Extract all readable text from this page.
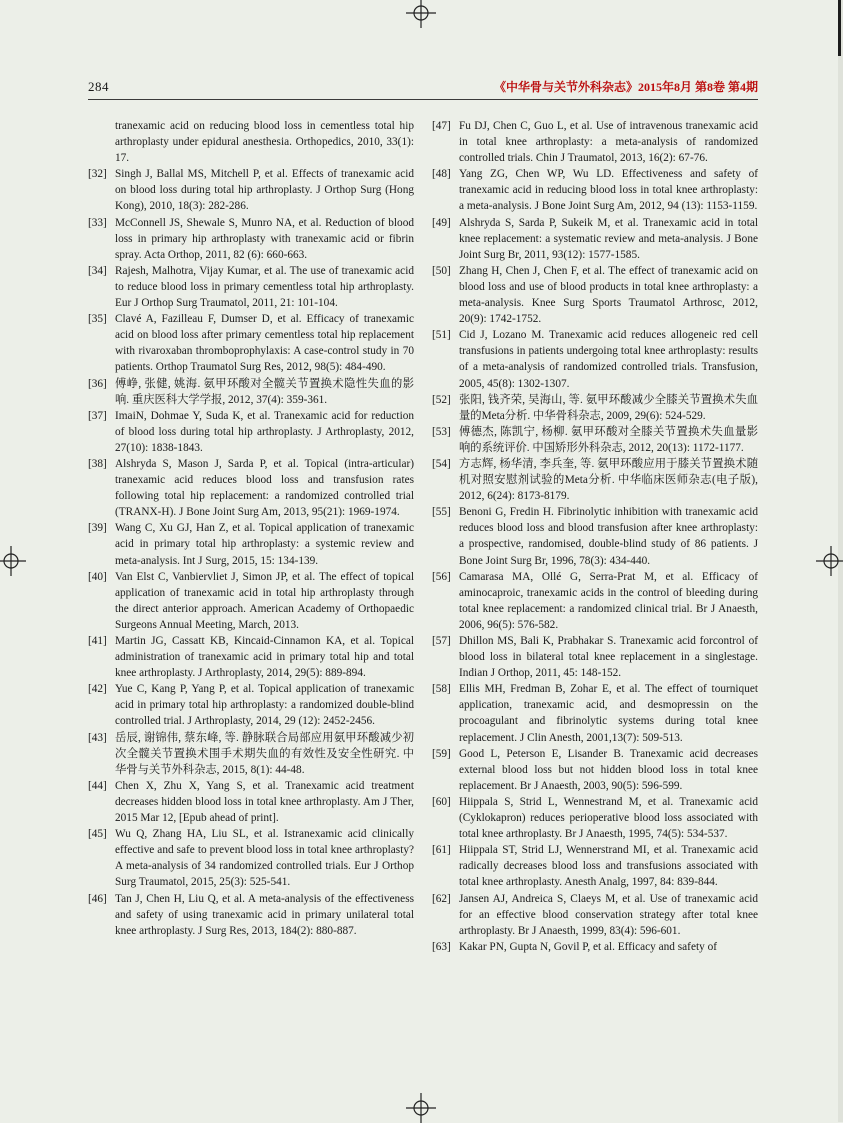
284	《中华骨与关节外科杂志》2015年8月 第8卷 第4期
tranexamic acid on reducing blood loss in cementless total hip arthroplasty under epidural anesthesia. Orthopedics, 2010, 33(1): 17.
[32] Singh J, Ballal MS, Mitchell P, et al. Effects of tranexamic acid on blood loss during total hip arthroplasty. J Orthop Surg (Hong Kong), 2010, 18(3): 282-286.
[33] McConnell JS, Shewale S, Munro NA, et al. Reduction of blood loss in primary hip arthroplasty with tranexamic acid or fibrin spray. Acta Orthop, 2011, 82 (6): 660-663.
[34] Rajesh, Malhotra, Vijay Kumar, et al. The use of tranexamic acid to reduce blood loss in primary cementless total hip arthroplasty. Eur J Orthop Surg Traumatol, 2011, 21: 101-104.
[35] Clavé A, Fazilleau F, Dumser D, et al. Efficacy of tranexamic acid on blood loss after primary cementless total hip replacement with rivaroxaban thromboprophylaxis: A case-control study in 70 patients. Orthop Traumatol Surg Res, 2012, 98(5): 484-490.
[36] 傅峥, 张健, 姚海. 氨甲环酸对全髋关节置换术隐性失血的影响. 重庆医科大学学报, 2012, 37(4): 359-361.
[37] ImaiN, Dohmae Y, Suda K, et al. Tranexamic acid for reduction of blood loss during total hip arthroplasty. J Arthroplasty, 2012, 27(10): 1838-1843.
[38] Alshryda S, Mason J, Sarda P, et al. Topical (intra-articular) tranexamic acid reduces blood loss and transfusion rates following total hip replacement: a randomized controlled trial (TRANX-H). J Bone Joint Surg Am, 2013, 95(21): 1969-1974.
[39] Wang C, Xu GJ, Han Z, et al. Topical application of tranexamic acid in primary total hip arthroplasty: a systemic review and meta-analysis. Int J Surg, 2015, 15: 134-139.
[40] Van Elst C, Vanbiervliet J, Simon JP, et al. The effect of topical application of tranexamic acid in total hip arthroplasty through the direct anterior approach. American Academy of Orthopaedic Surgeons Annual Meeting, March, 2013.
[41] Martin JG, Cassatt KB, Kincaid-Cinnamon KA, et al. Topical administration of tranexamic acid in primary total hip and total knee arthroplasty. J Arthroplasty, 2014, 29(5): 889-894.
[42] Yue C, Kang P, Yang P, et al. Topical application of tranexamic acid in primary total hip arthroplasty: a randomized double-blind controlled trial. J Arthroplasty, 2014, 29 (12): 2452-2456.
[43] 岳辰, 谢锦伟, 蔡东峰, 等. 静脉联合局部应用氨甲环酸减少初次全髋关节置换术围手术期失血的有效性及安全性研究. 中华骨与关节外科杂志, 2015, 8(1): 44-48.
[44] Chen X, Zhu X, Yang S, et al. Tranexamic acid treatment decreases hidden blood loss in total knee arthroplasty. Am J Ther, 2015 Mar 12, [Epub ahead of print].
[45] Wu Q, Zhang HA, Liu SL, et al. Istranexamic acid clinically effective and safe to prevent blood loss in total knee arthroplasty? A meta-analysis of 34 randomized controlled trials. Eur J Orthop Surg Traumatol, 2015, 25(3): 525-541.
[46] Tan J, Chen H, Liu Q, et al. A meta-analysis of the effectiveness and safety of using tranexamic acid in primary unilateral total knee arthroplasty. J Surg Res, 2013, 184(2): 880-887.
[47] Fu DJ, Chen C, Guo L, et al. Use of intravenous tranexamic acid in total knee arthroplasty: a meta-analysis of randomized controlled trials. Chin J Traumatol, 2013, 16(2): 67-76.
[48] Yang ZG, Chen WP, Wu LD. Effectiveness and safety of tranexamic acid in reducing blood loss in total knee arthroplasty: a meta-analysis. J Bone Joint Surg Am, 2012, 94 (13): 1153-1159.
[49] Alshryda S, Sarda P, Sukeik M, et al. Tranexamic acid in total knee replacement: a systematic review and meta-analysis. J Bone Joint Surg Br, 2011, 93(12): 1577-1585.
[50] Zhang H, Chen J, Chen F, et al. The effect of tranexamic acid on blood loss and use of blood products in total knee arthroplasty: a meta-analysis. Knee Surg Sports Traumatol Arthrosc, 2012, 20(9): 1742-1752.
[51] Cid J, Lozano M. Tranexamic acid reduces allogeneic red cell transfusions in patients undergoing total knee arthroplasty: results of a meta-analysis of randomized controlled trials. Transfusion, 2005, 45(8): 1302-1307.
[52] 张阳, 钱齐荣, 吴海山, 等. 氨甲环酸减少全膝关节置换术失血量的Meta分析. 中华骨科杂志, 2009, 29(6): 524-529.
[53] 傅德杰, 陈凯宁, 杨柳. 氨甲环酸对全膝关节置换术失血量影响的系统评价. 中国矫形外科杂志, 2012, 20(13): 1172-1177.
[54] 方志辉, 杨华清, 李兵奎, 等. 氨甲环酸应用于膝关节置换术随机对照安慰剂试验的Meta分析. 中华临床医师杂志(电子版), 2012, 6(24): 8173-8179.
[55] Benoni G, Fredin H. Fibrinolytic inhibition with tranexamic acid reduces blood loss and blood transfusion after knee arthroplasty: a prospective, randomised, double-blind study of 86 patients. J Bone Joint Surg Br, 1996, 78(3): 434-440.
[56] Camarasa MA, Ollé G, Serra-Prat M, et al. Efficacy of aminocaproic, tranexamic acids in the control of bleeding during total knee replacement: a randomized clinical trial. Br J Anaesth, 2006, 96(5): 576-582.
[57] Dhillon MS, Bali K, Prabhakar S. Tranexamic acid forcontrol of blood loss in bilateral total knee replacement in a singlestage. Indian J Orthop, 2011, 45: 148-152.
[58] Ellis MH, Fredman B, Zohar E, et al. The effect of tourniquet application, tranexamic acid, and desmopressin on the procoagulant and fibrinolytic systems during total knee replacement. J Clin Anesth, 2001,13(7): 509-513.
[59] Good L, Peterson E, Lisander B. Tranexamic acid decreases external blood loss but not hidden blood loss in total knee replacement. Br J Anaesth, 2003, 90(5): 596-599.
[60] Hiippala S, Strid L, Wennestrand M, et al. Tranexamic acid (Cyklokapron) reduces perioperative blood loss associated with total knee arthroplasty. Br J Anaesth, 1995, 74(5): 534-537.
[61] Hiippala ST, Strid LJ, Wennerstrand MI, et al. Tranexamic acid radically decreases blood loss and transfusions associated with total knee arthroplasty. Anesth Analg, 1997, 84: 839-844.
[62] Jansen AJ, Andreica S, Claeys M, et al. Use of tranexamic acid for an effective blood conservation strategy after total knee arthroplasty. Br J Anaesth, 1999, 83(4): 596-601.
[63] Kakar PN, Gupta N, Govil P, et al. Efficacy and safety of
